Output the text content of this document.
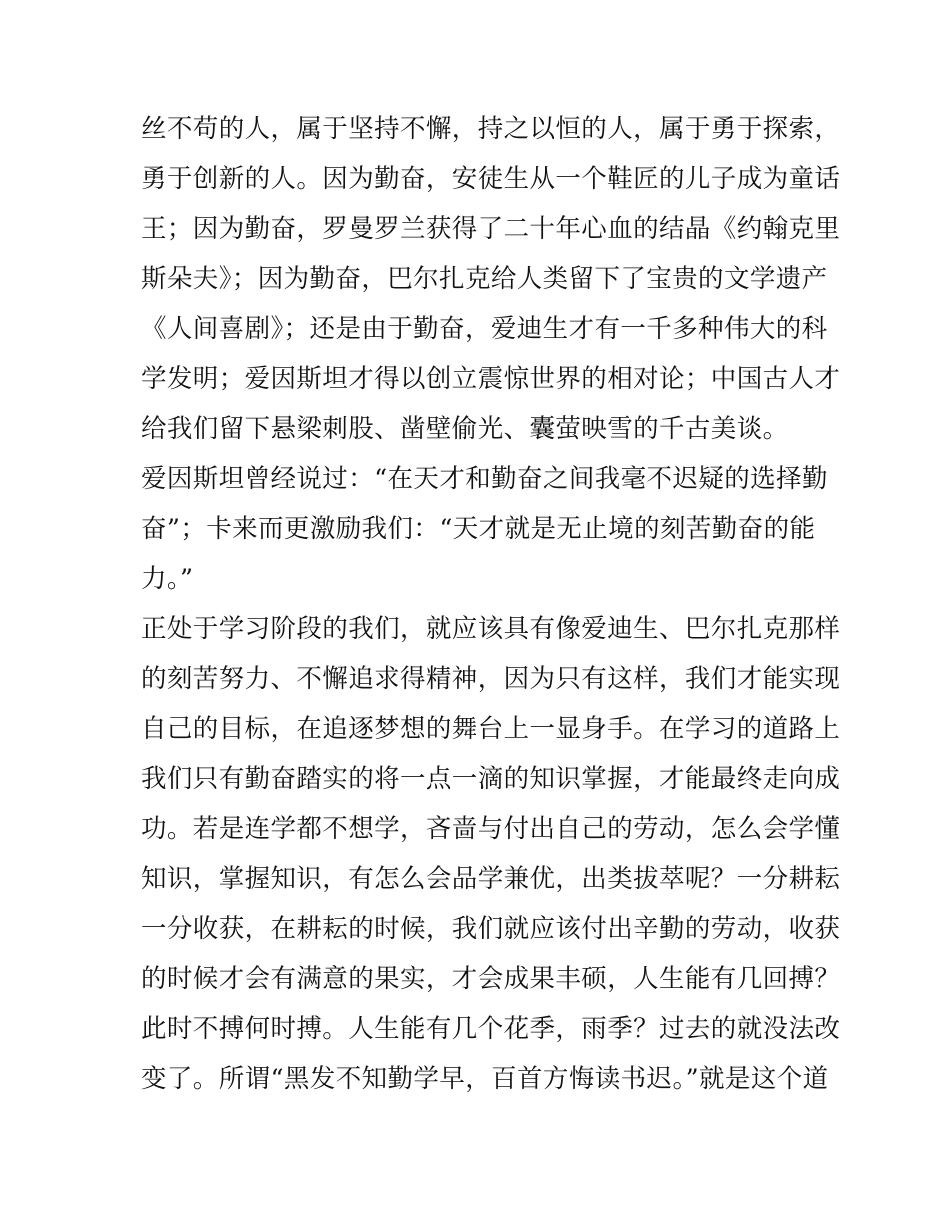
丝不苟的人，属于坚持不懈，持之以恒的人，属于勇于探索，
勇于创新的人。因为勤奋，安徒生从一个鞋匠的儿子成为童话
王；因为勤奋，罗曼罗兰获得了二十年心血的结晶《约翰克里
斯朵夫》；因为勤奋，巴尔扎克给人类留下了宝贵的文学遗产
《人间喜剧》；还是由于勤奋，爱迪生才有一千多种伟大的科
学发明；爱因斯坦才得以创立震惊世界的相对论；中国古人才
给我们留下悬梁刺股、凿壁偷光、囊萤映雪的千古美谈。
爱因斯坦曾经说过：“在天才和勤奋之间我毫不迟疑的选择勤
奋”；卡来而更激励我们：“天才就是无止境的刻苦勤奋的能
力。”
正处于学习阶段的我们，就应该具有像爱迪生、巴尔扎克那样
的刻苦努力、不懈追求得精神，因为只有这样，我们才能实现
自己的目标，在追逐梦想的舞台上一显身手。在学习的道路上
我们只有勤奋踏实的将一点一滴的知识掌握，才能最终走向成
功。若是连学都不想学，吝啬与付出自己的劳动，怎么会学懂
知识，掌握知识，有怎么会品学兼优，出类拔萃呢？一分耕耘
一分收获，在耕耘的时候，我们就应该付出辛勤的劳动，收获
的时候才会有满意的果实，才会成果丰硕，人生能有几回搏？
此时不搏何时搏。人生能有几个花季，雨季？过去的就没法改
变了。所谓“黑发不知勤学早，百首方悔读书迟。”就是这个道
